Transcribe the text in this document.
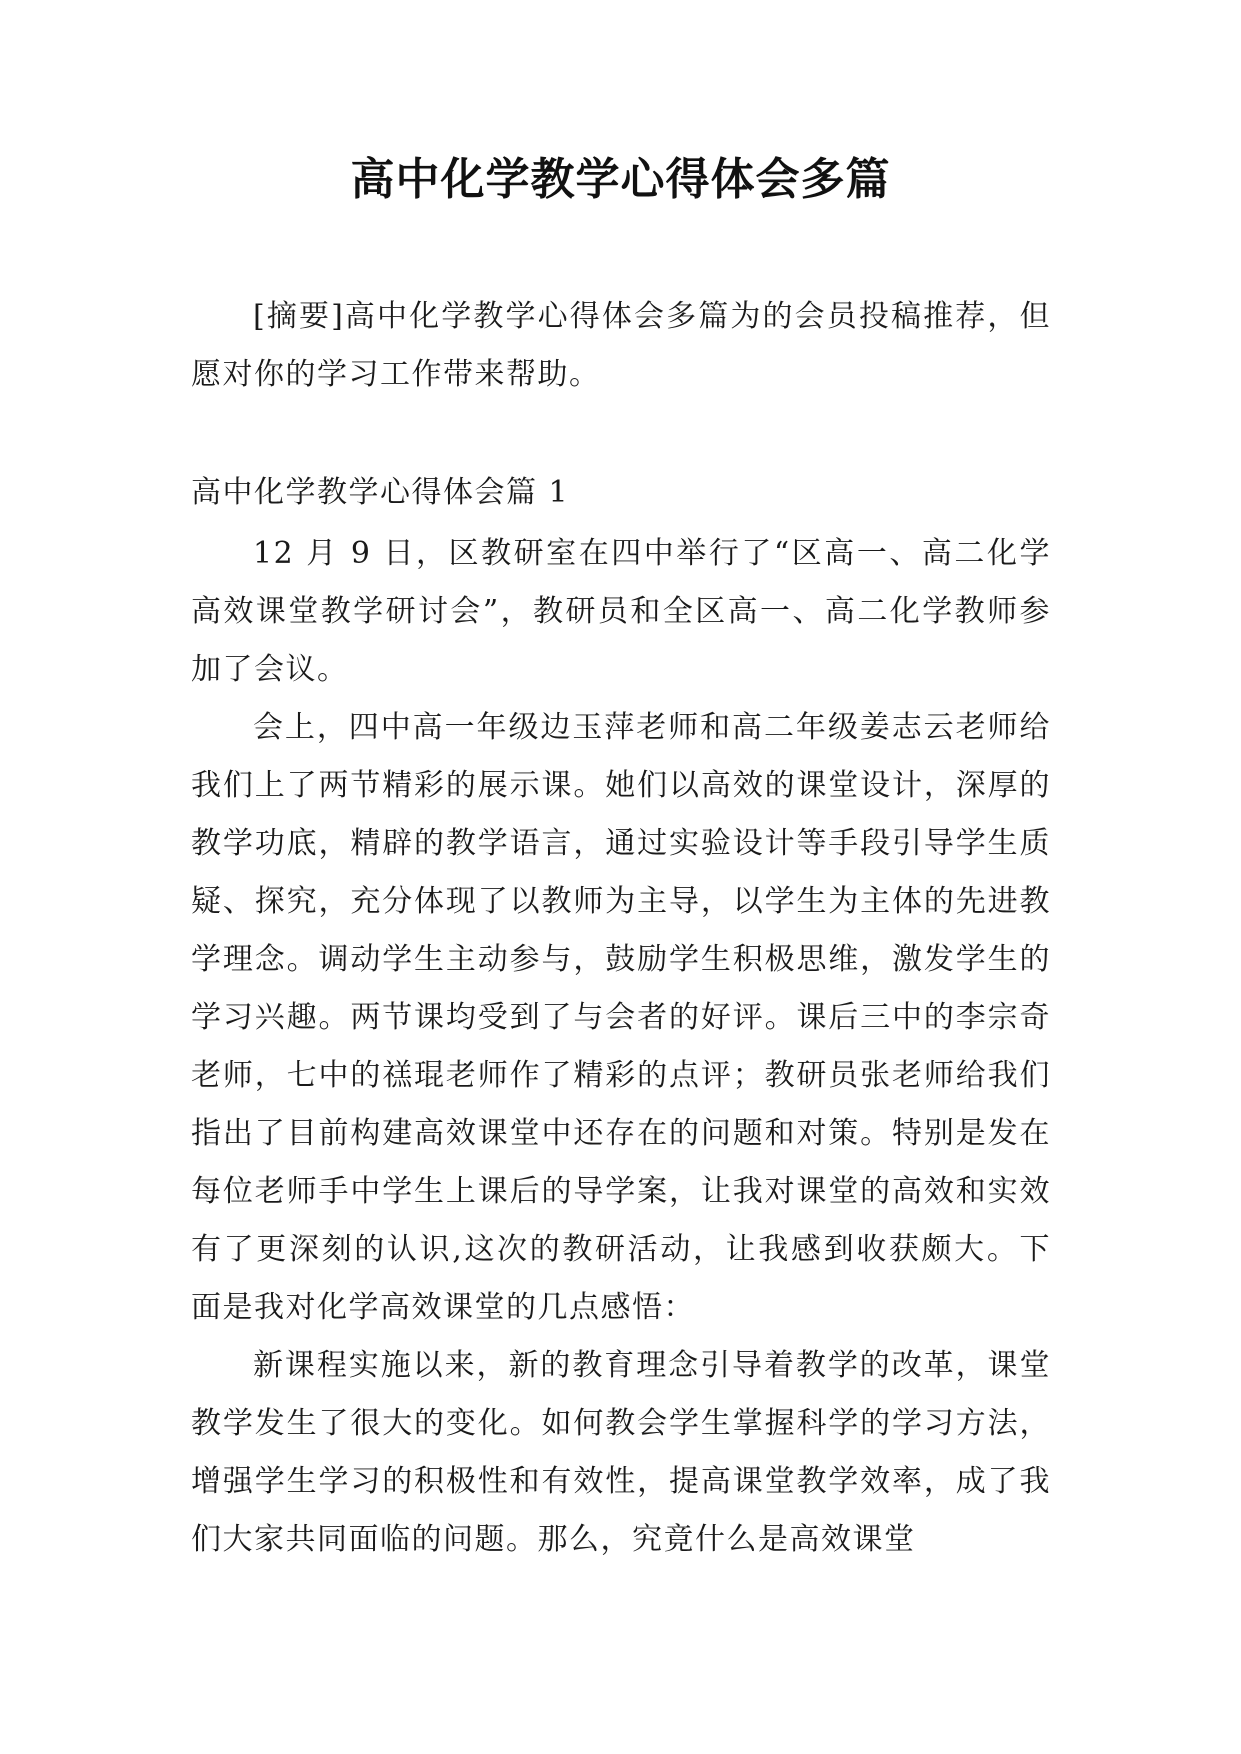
高中化学教学心得体会多篇

[摘要]高中化学教学心得体会多篇为的会员投稿推荐，但愿对你的学习工作带来帮助。

高中化学教学心得体会篇 1

12 月 9 日，区教研室在四中举行了“区高一、高二化学高效课堂教学研讨会”，教研员和全区高一、高二化学教师参加了会议。

会上，四中高一年级边玉萍老师和高二年级姜志云老师给我们上了两节精彩的展示课。她们以高效的课堂设计，深厚的教学功底，精辟的教学语言，通过实验设计等手段引导学生质疑、探究，充分体现了以教师为主导，以学生为主体的先进教学理念。调动学生主动参与，鼓励学生积极思维，激发学生的学习兴趣。两节课均受到了与会者的好评。课后三中的李宗奇老师，七中的禚琨老师作了精彩的点评；教研员张老师给我们指出了目前构建高效课堂中还存在的问题和对策。特别是发在每位老师手中学生上课后的导学案，让我对课堂的高效和实效有了更深刻的认识,这次的教研活动，让我感到收获颇大。下面是我对化学高效课堂的几点感悟：

新课程实施以来，新的教育理念引导着教学的改革，课堂教学发生了很大的变化。如何教会学生掌握科学的学习方法，增强学生学习的积极性和有效性，提高课堂教学效率，成了我们大家共同面临的问题。那么，究竟什么是高效课堂
